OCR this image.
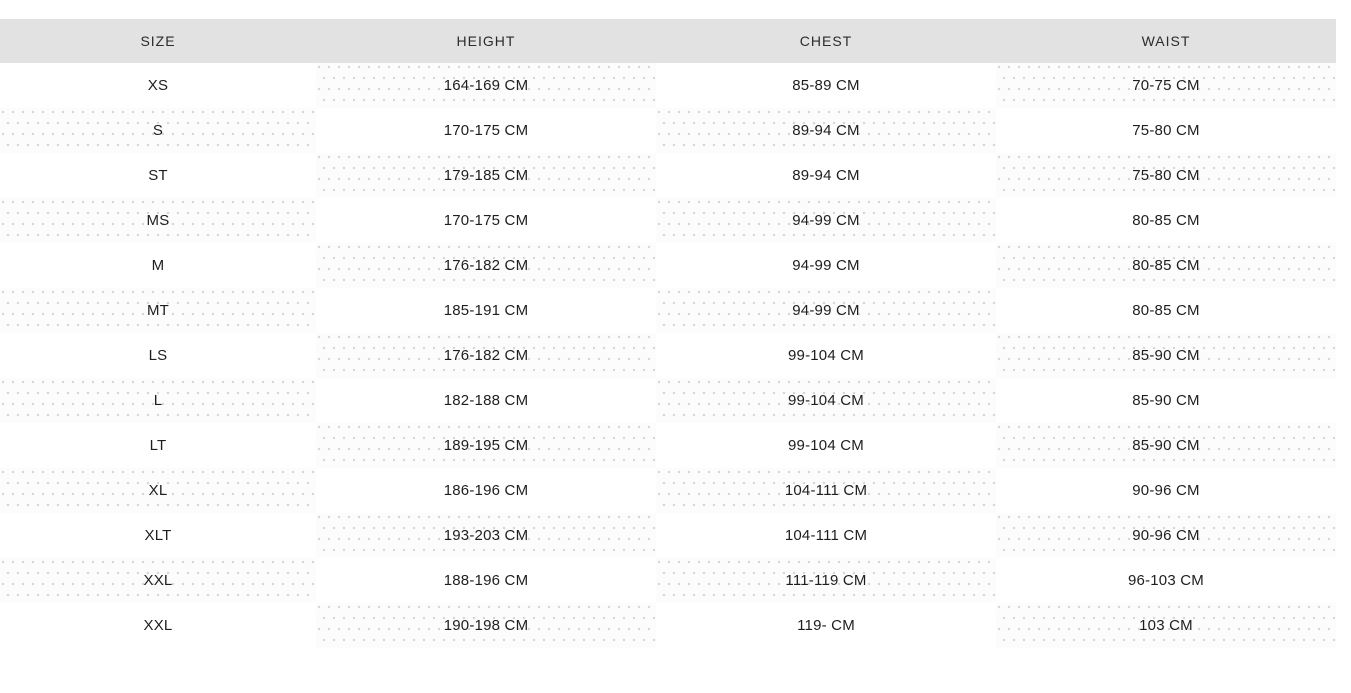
SIZE	HEIGHT	CHEST	WAIST
XS	164-169 CM	85-89 CM	70-75 CM
S	170-175 CM	89-94 CM	75-80 CM
ST	179-185 CM	89-94 CM	75-80 CM
MS	170-175 CM	94-99 CM	80-85 CM
M	176-182 CM	94-99 CM	80-85 CM
MT	185-191 CM	94-99 CM	80-85 CM
LS	176-182 CM	99-104 CM	85-90 CM
L	182-188 CM	99-104 CM	85-90 CM
LT	189-195 CM	99-104 CM	85-90 CM
XL	186-196 CM	104-111 CM	90-96 CM
XLT	193-203 CM	104-111 CM	90-96 CM
XXL	188-196 CM	111-119 CM	96-103 CM
XXL	190-198 CM	119- CM	103 CM
